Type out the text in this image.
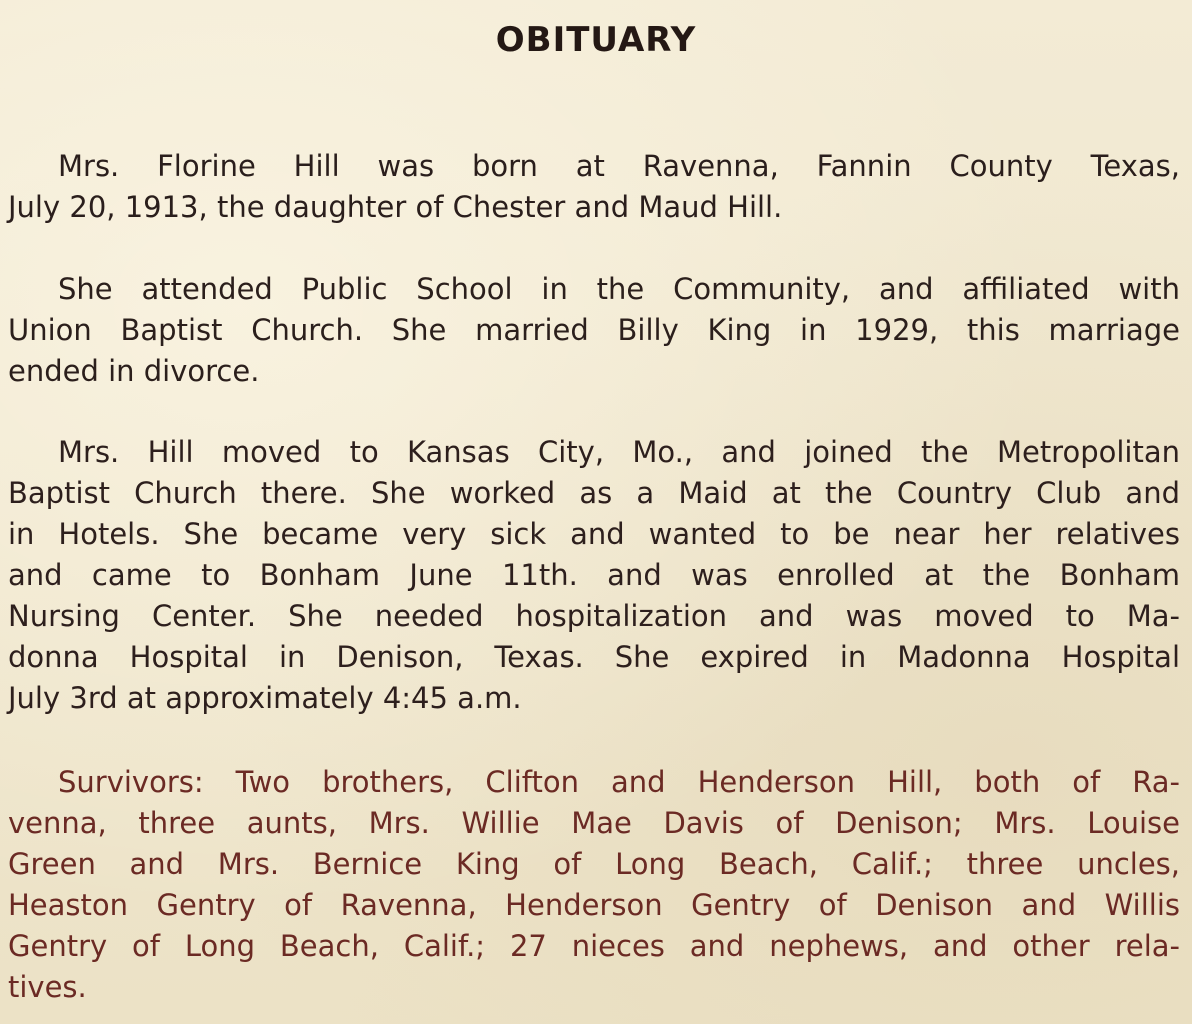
OBITUARY
Mrs. Florine Hill was born at Ravenna, Fannin County Texas,
July 20, 1913, the daughter of Chester and Maud Hill.
She attended Public School in the Community, and affiliated with
Union Baptist Church. She married Billy King in 1929, this marriage
ended in divorce.
Mrs. Hill moved to Kansas City, Mo., and joined the Metropolitan
Baptist Church there. She worked as a Maid at the Country Club and
in Hotels. She became very sick and wanted to be near her relatives
and came to Bonham June 11th. and was enrolled at the Bonham
Nursing Center. She needed hospitalization and was moved to Ma-
donna Hospital in Denison, Texas. She expired in Madonna Hospital
July 3rd at approximately 4:45 a.m.
Survivors: Two brothers, Clifton and Henderson Hill, both of Ra-
venna, three aunts, Mrs. Willie Mae Davis of Denison; Mrs. Louise
Green and Mrs. Bernice King of Long Beach, Calif.; three uncles,
Heaston Gentry of Ravenna, Henderson Gentry of Denison and Willis
Gentry of Long Beach, Calif.; 27 nieces and nephews, and other rela-
tives.
